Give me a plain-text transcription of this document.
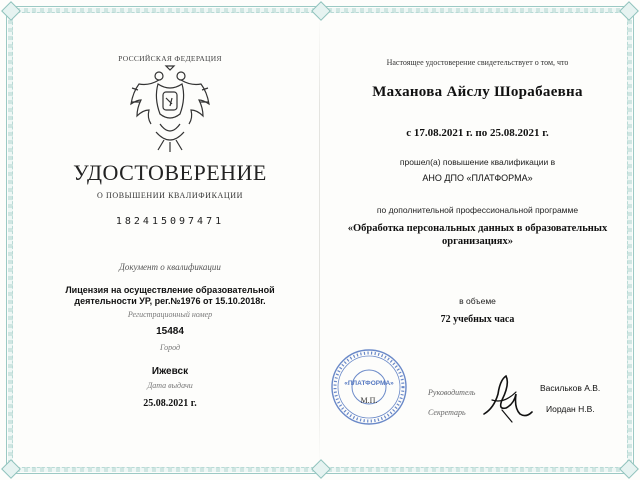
РОССИЙСКАЯ ФЕДЕРАЦИЯ
УДОСТОВЕРЕНИЕ
О ПОВЫШЕНИИ КВАЛИФИКАЦИИ
182415097471
Документ о квалификации
Лицензия на осуществление образовательной
деятельности УР, рег.№1976 от 15.10.2018г.
Регистрационный номер
15484
Город
Ижевск
Дата выдачи
25.08.2021 г.
Настоящее удостоверение свидетельствует о том, что
Маханова Айслу Шорабаевна
с 17.08.2021 г. по 25.08.2021 г.
прошел(а) повышение квалификации в
АНО ДПО «ПЛАТФОРМА»
по дополнительной профессиональной программе
«Обработка персональных данных в образовательных
организациях»
в объеме
72 учебных часа
«ПЛАТФОРМА»
М.П.
Руководитель
Секретарь
Васильков А.В.
Иордан Н.В.
